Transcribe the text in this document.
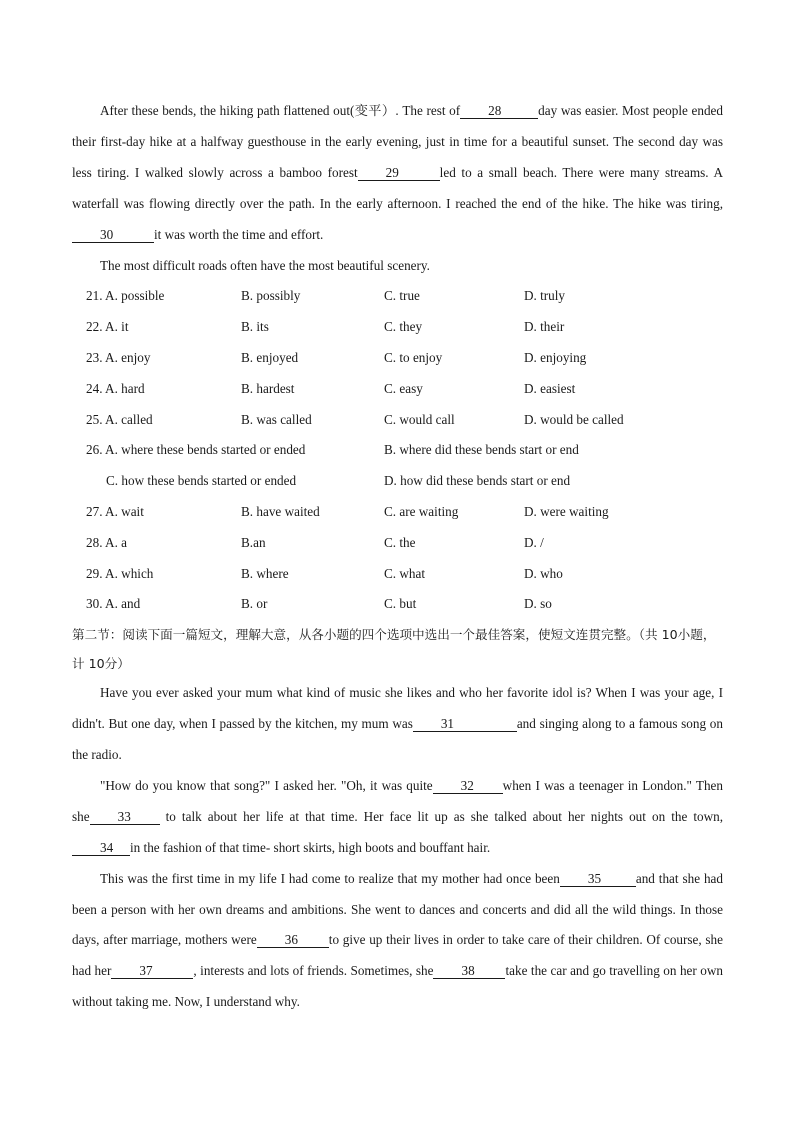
After these bends, the hiking path flattened out(变平）. The rest of 28	day was easier. Most people ended their first-day hike at a halfway guesthouse in the early evening, just in time for a beautiful sunset. The second day was less tiring. I walked slowly across a bamboo forest 29	led to a small beach. There were many streams. A waterfall was flowing directly over the path. In the early afternoon. I reached the end of the hike. The hike was tiring,30	it was worth the time and effort.

The most difficult roads often have the most beautiful scenery.

21. A. possible	B. possibly	C. true	D. truly
22. A. it	B. its	C. they	D. their
23. A. enjoy	B. enjoyed	C. to enjoy	D. enjoying
24. A. hard	B. hardest	C. easy	D. easiest
25. A. called	B. was called	C. would call	D. would be called
26. A. where these bends started or ended	B. where did these bends start or end
C. how these bends started or ended	D. how did these bends start or end
27. A. wait	B. have waited	C. are waiting	D. were waiting
28. A. a	B.an	C. the	D. /
29. A. which	B. where	C. what	D. who
30. A. and	B. or	C. but	D. so

第二节：阅读下面一篇短文，理解大意，从各小题的四个选项中选出一个最佳答案，使短文连贯完整。（共 10小题，计 10分）

Have you ever asked your mum what kind of music she likes and who her favorite idol is? When I was your age, I didn't. But one day, when I passed by the kitchen, my mum was 31	and singing along to a famous song on the radio.

"How do you know that song?" I asked her. "Oh, it was quite 32 when I was a teenager in London." Then she 33	to talk about her life at that time. Her face lit up as she talked about her nights out on the town, 34 in the fashion of that time- short skirts, high boots and bouffant hair.

This was the first time in my life I had come to realize that my mother had once been 35	and that she had been a person with her own dreams and ambitions. She went to dances and concerts and did all the wild things. In those days, after marriage, mothers were 36 to give up their lives in order to take care of their children. Of course, she had her 37	, interests and lots of friends. Sometimes, she 38 take the car and go travelling on her own without taking me. Now, I understand why.
